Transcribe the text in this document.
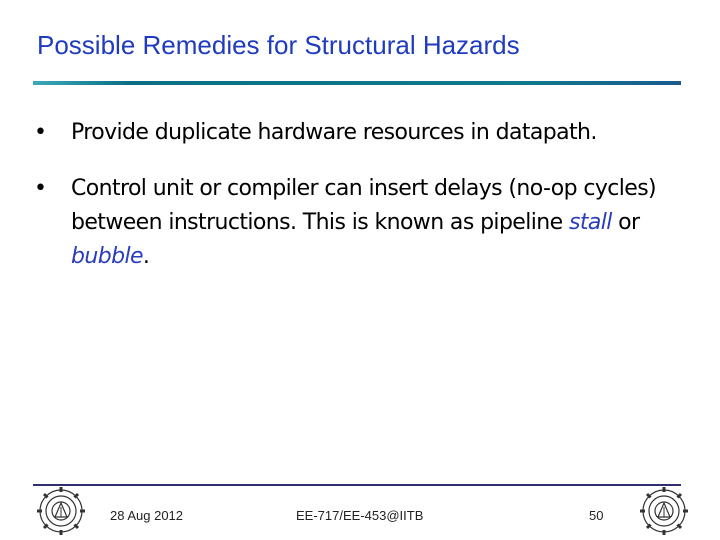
Possible Remedies for Structural Hazards
•	Provide duplicate hardware resources in datapath.
•	Control unit or compiler can insert delays (no-op cycles) between instructions. This is known as pipeline stall or bubble.
28 Aug 2012	EE-717/EE-453@IITB	50
